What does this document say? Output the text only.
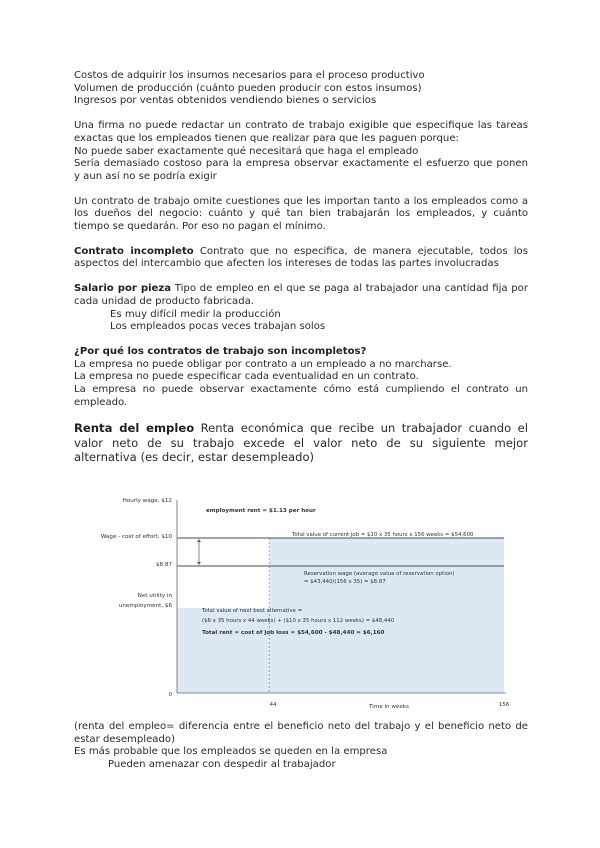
Costos de adquirir los insumos necesarios para el proceso productivo

Volumen de producción (cuánto pueden producir con estos insumos)

Ingresos por ventas obtenidos vendiendo bienes o servicios

Una firma no puede redactar un contrato de trabajo exigible que especifique las tareas exactas que los empleados tienen que realizar para que les paguen porque:

No puede saber exactamente qué necesitará que haga el empleado

Sería demasiado costoso para la empresa observar exactamente el esfuerzo que ponen y aun así no se podría exigir

Un contrato de trabajo omite cuestiones que les importan tanto a los empleados como a los dueños del negocio: cuánto y qué tan bien trabajarán los empleados, y cuánto tiempo se quedarán. Por eso no pagan el mínimo.

Contrato incompleto Contrato que no especifica, de manera ejecutable, todos los aspectos del intercambio que afecten los intereses de todas las partes involucradas

Salario por pieza Tipo de empleo en el que se paga al trabajador una cantidad fija por cada unidad de producto fabricada.

Es muy difícil medir la producción

Los empleados pocas veces trabajan solos

¿Por qué los contratos de trabajo son incompletos?

La empresa no puede obligar por contrato a un empleado a no marcharse.

La empresa no puede especificar cada eventualidad en un contrato.

La empresa no puede observar exactamente cómo está cumpliendo el contrato un empleado.

Renta del empleo Renta económica que recibe un trabajador cuando el valor neto de su trabajo excede el valor neto de su siguiente mejor alternativa (es decir, estar desempleado)

Hourly wage, $12
Wage - cost of effort, $10
$8.87
Net utility in
unemployment, $6
0
44	156
Time in weeks
employment rent = $1.13 per hour
Total value of current job = $10 x 35 hours x 156 weeks = $54,600
Reservation wage (average value of reservation option)
= $43,440/(156 x 35) = $8.87
Total value of next best alternative =
($6 x 35 hours x 44 weeks) + ($10 x 35 hours x 112 weeks) = $48,440
Total rent = cost of job loss = $54,600 - $48,440 = $6,160

(renta del empleo= diferencia entre el beneficio neto del trabajo y el beneficio neto de estar desempleado)

Es más probable que los empleados se queden en la empresa

Pueden amenazar con despedir al trabajador
